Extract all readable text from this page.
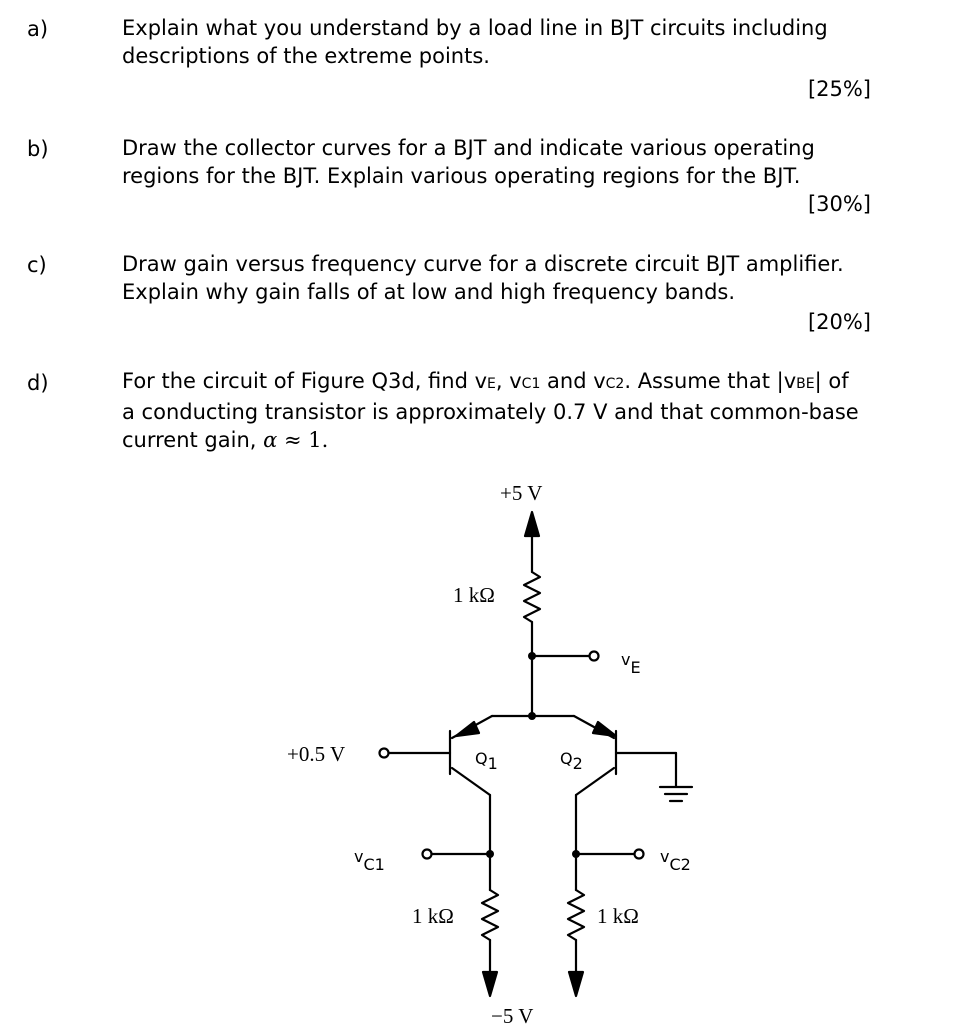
a)	Explain what you understand by a load line in BJT circuits including
descriptions of the extreme points.
[25%]
b)	Draw the collector curves for a BJT and indicate various operating
regions for the BJT. Explain various operating regions for the BJT.
[30%]
c)	Draw gain versus frequency curve for a discrete circuit BJT amplifier.
Explain why gain falls of at low and high frequency bands.
[20%]
d)	For the circuit of Figure Q3d, find vE, vC1 and vC2. Assume that |vBE| of
a conducting transistor is approximately 0.7 V and that common-base
current gain, α ≈ 1.
+5 V
1 kΩ
+0.5 V	Q1	Q2
vE
vC1	vC2
1 kΩ	1 kΩ
−5 V
